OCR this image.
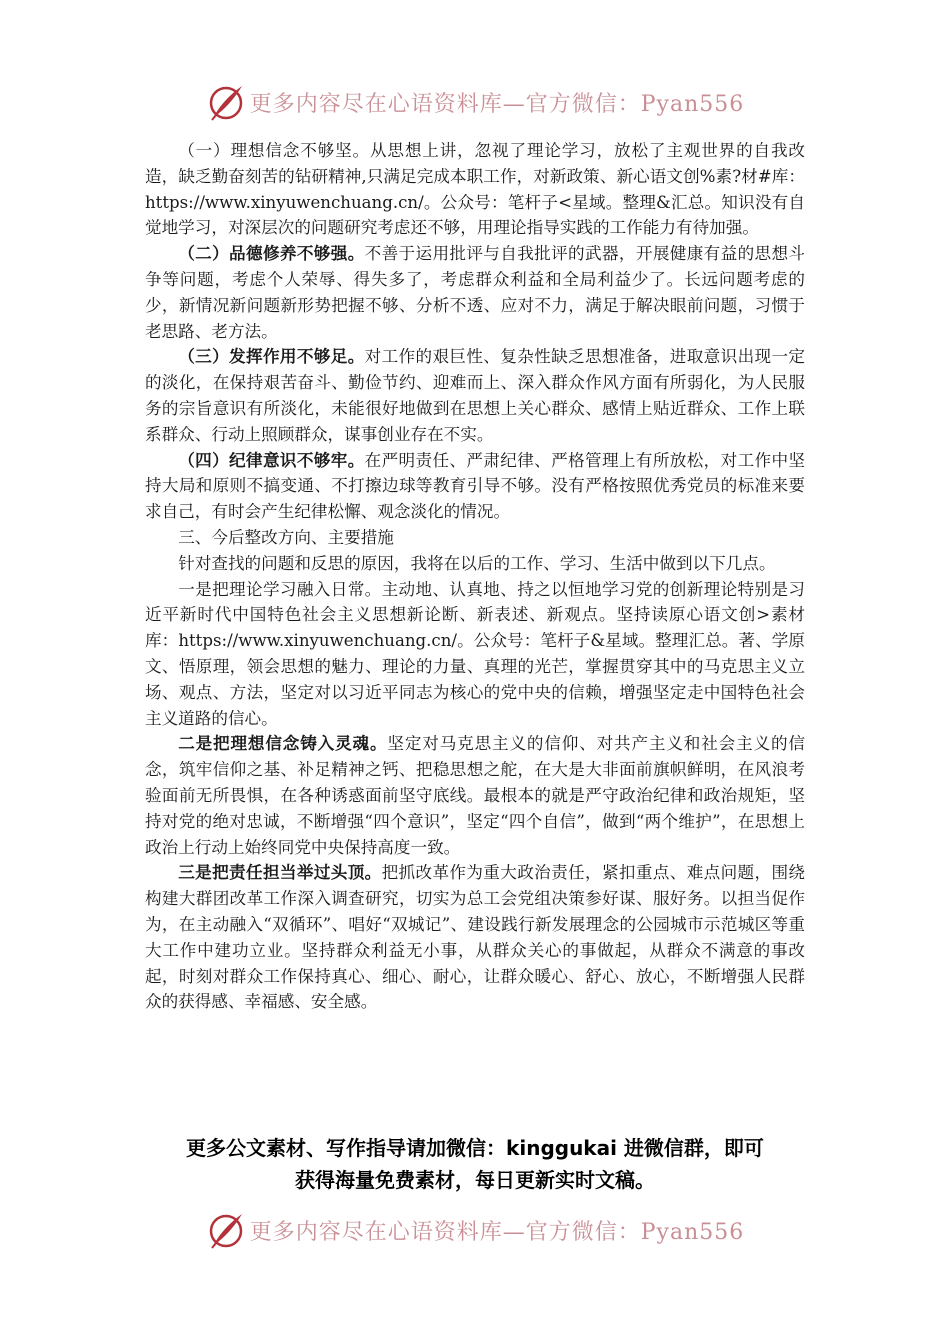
更多内容尽在心语资料库—官方微信：Pyan556

（一）理想信念不够坚。从思想上讲，忽视了理论学习，放松了主观世界的自我改造，缺乏勤奋刻苦的钻研精神,只满足完成本职工作，对新政策、新心语文创%素?材#库：https://www.xinyuwenchuang.cn/。公众号：笔杆子<星域。整理&汇总。知识没有自觉地学习，对深层次的问题研究考虑还不够，用理论指导实践的工作能力有待加强。

（二）品德修养不够强。不善于运用批评与自我批评的武器，开展健康有益的思想斗争等问题，考虑个人荣辱、得失多了，考虑群众利益和全局利益少了。长远问题考虑的少，新情况新问题新形势把握不够、分析不透、应对不力，满足于解决眼前问题，习惯于老思路、老方法。

（三）发挥作用不够足。对工作的艰巨性、复杂性缺乏思想准备，进取意识出现一定的淡化，在保持艰苦奋斗、勤俭节约、迎难而上、深入群众作风方面有所弱化，为人民服务的宗旨意识有所淡化，未能很好地做到在思想上关心群众、感情上贴近群众、工作上联系群众、行动上照顾群众，谋事创业存在不实。

（四）纪律意识不够牢。在严明责任、严肃纪律、严格管理上有所放松，对工作中坚持大局和原则不搞变通、不打擦边球等教育引导不够。没有严格按照优秀党员的标准来要求自己，有时会产生纪律松懈、观念淡化的情况。

三、今后整改方向、主要措施

针对查找的问题和反思的原因，我将在以后的工作、学习、生活中做到以下几点。

一是把理论学习融入日常。主动地、认真地、持之以恒地学习党的创新理论特别是习近平新时代中国特色社会主义思想新论断、新表述、新观点。坚持读原心语文创>素材库：https://www.xinyuwenchuang.cn/。公众号：笔杆子&星域。整理汇总。著、学原文、悟原理，领会思想的魅力、理论的力量、真理的光芒，掌握贯穿其中的马克思主义立场、观点、方法，坚定对以习近平同志为核心的党中央的信赖，增强坚定走中国特色社会主义道路的信心。

二是把理想信念铸入灵魂。坚定对马克思主义的信仰、对共产主义和社会主义的信念，筑牢信仰之基、补足精神之钙、把稳思想之舵，在大是大非面前旗帜鲜明，在风浪考验面前无所畏惧，在各种诱惑面前坚守底线。最根本的就是严守政治纪律和政治规矩，坚持对党的绝对忠诚，不断增强“四个意识”，坚定“四个自信”，做到“两个维护”，在思想上政治上行动上始终同党中央保持高度一致。

三是把责任担当举过头顶。把抓改革作为重大政治责任，紧扣重点、难点问题，围绕构建大群团改革工作深入调查研究，切实为总工会党组决策参好谋、服好务。以担当促作为，在主动融入“双循环”、唱好“双城记”、建设践行新发展理念的公园城市示范城区等重大工作中建功立业。坚持群众利益无小事，从群众关心的事做起，从群众不满意的事改起，时刻对群众工作保持真心、细心、耐心，让群众暖心、舒心、放心，不断增强人民群众的获得感、幸福感、安全感。

更多公文素材、写作指导请加微信：kinggukai 进微信群，即可
获得海量免费素材，每日更新实时文稿。
更多内容尽在心语资料库—官方微信：Pyan556
